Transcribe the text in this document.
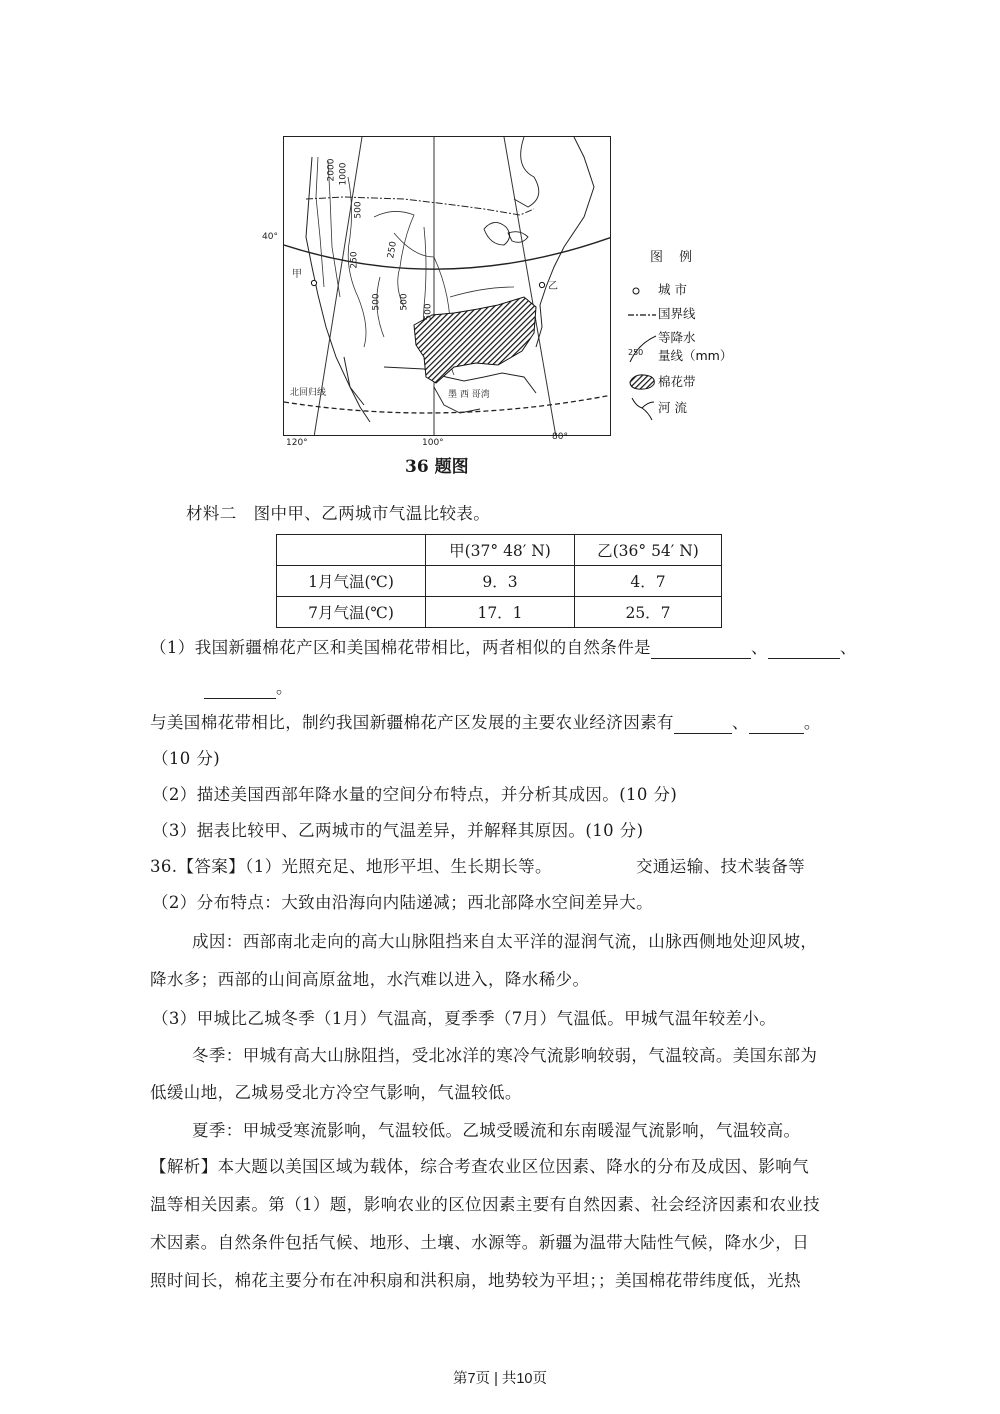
2000 1000
500
250
500
250
500
500
甲
乙
北回归线	墨 西 哥湾
40°
120°	100°
80°
图 例
城 市
国界线
250
等降水
量线（mm）
棉花带
河 流
36 题图
材料二　图中甲、乙两城市气温比较表。
	甲(37° 48′ N)	乙(36° 54′ N)
1月气温(℃)	9．3	4．7
7月气温(℃)	17．1	25．7
（1）我国新疆棉花产区和美国棉花带相比，两者相似的自然条件是	、	、
。
与美国棉花带相比，制约我国新疆棉花产区发展的主要农业经济因素有	、	。
（10 分)
（2）描述美国西部年降水量的空间分布特点，并分析其成因。(10 分)
（3）据表比较甲、乙两城市的气温差异，并解释其原因。(10 分)
36.【答案】（1）光照充足、地形平坦、生长期长等。	交通运输、技术装备等
（2）分布特点：大致由沿海向内陆递减；西北部降水空间差异大。
成因：西部南北走向的高大山脉阻挡来自太平洋的湿润气流，山脉西侧地处迎风坡，
降水多；西部的山间高原盆地，水汽难以进入，降水稀少。
（3）甲城比乙城冬季（1月）气温高，夏季季（7月）气温低。甲城气温年较差小。
冬季：甲城有高大山脉阻挡，受北冰洋的寒冷气流影响较弱，气温较高。美国东部为
低缓山地，乙城易受北方冷空气影响，气温较低。
夏季：甲城受寒流影响，气温较低。乙城受暖流和东南暖湿气流影响，气温较高。
【解析】本大题以美国区域为载体，综合考查农业区位因素、降水的分布及成因、影响气
温等相关因素。第（1）题，影响农业的区位因素主要有自然因素、社会经济因素和农业技
术因素。自然条件包括气候、地形、土壤、水源等。新疆为温带大陆性气候，降水少，日
照时间长，棉花主要分布在冲积扇和洪积扇，地势较为平坦；；美国棉花带纬度低，光热
第7页 | 共10页
